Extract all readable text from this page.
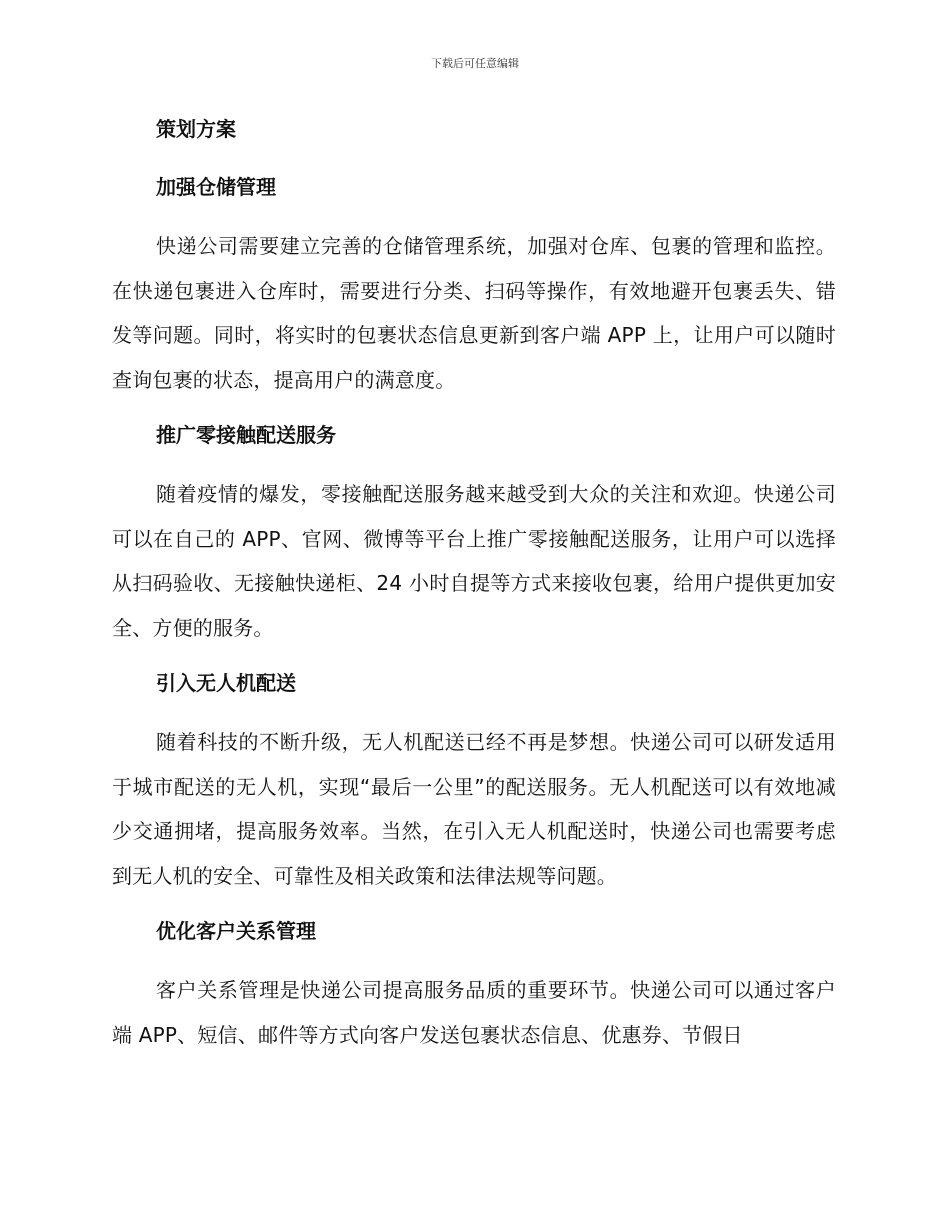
下载后可任意编辑
策划方案
加强仓储管理

快递公司需要建立完善的仓储管理系统，加强对仓库、包裹的管理和监控。在快递包裹进入仓库时，需要进行分类、扫码等操作，有效地避开包裹丢失、错发等问题。同时，将实时的包裹状态信息更新到客户端 APP 上，让用户可以随时查询包裹的状态，提高用户的满意度。

推广零接触配送服务

随着疫情的爆发，零接触配送服务越来越受到大众的关注和欢迎。快递公司可以在自己的 APP、官网、微博等平台上推广零接触配送服务，让用户可以选择从扫码验收、无接触快递柜、24 小时自提等方式来接收包裹，给用户提供更加安全、方便的服务。

引入无人机配送

随着科技的不断升级，无人机配送已经不再是梦想。快递公司可以研发适用于城市配送的无人机，实现“最后一公里”的配送服务。无人机配送可以有效地减少交通拥堵，提高服务效率。当然，在引入无人机配送时，快递公司也需要考虑到无人机的安全、可靠性及相关政策和法律法规等问题。

优化客户关系管理

客户关系管理是快递公司提高服务品质的重要环节。快递公司可以通过客户端 APP、短信、邮件等方式向客户发送包裹状态信息、优惠券、节假日
